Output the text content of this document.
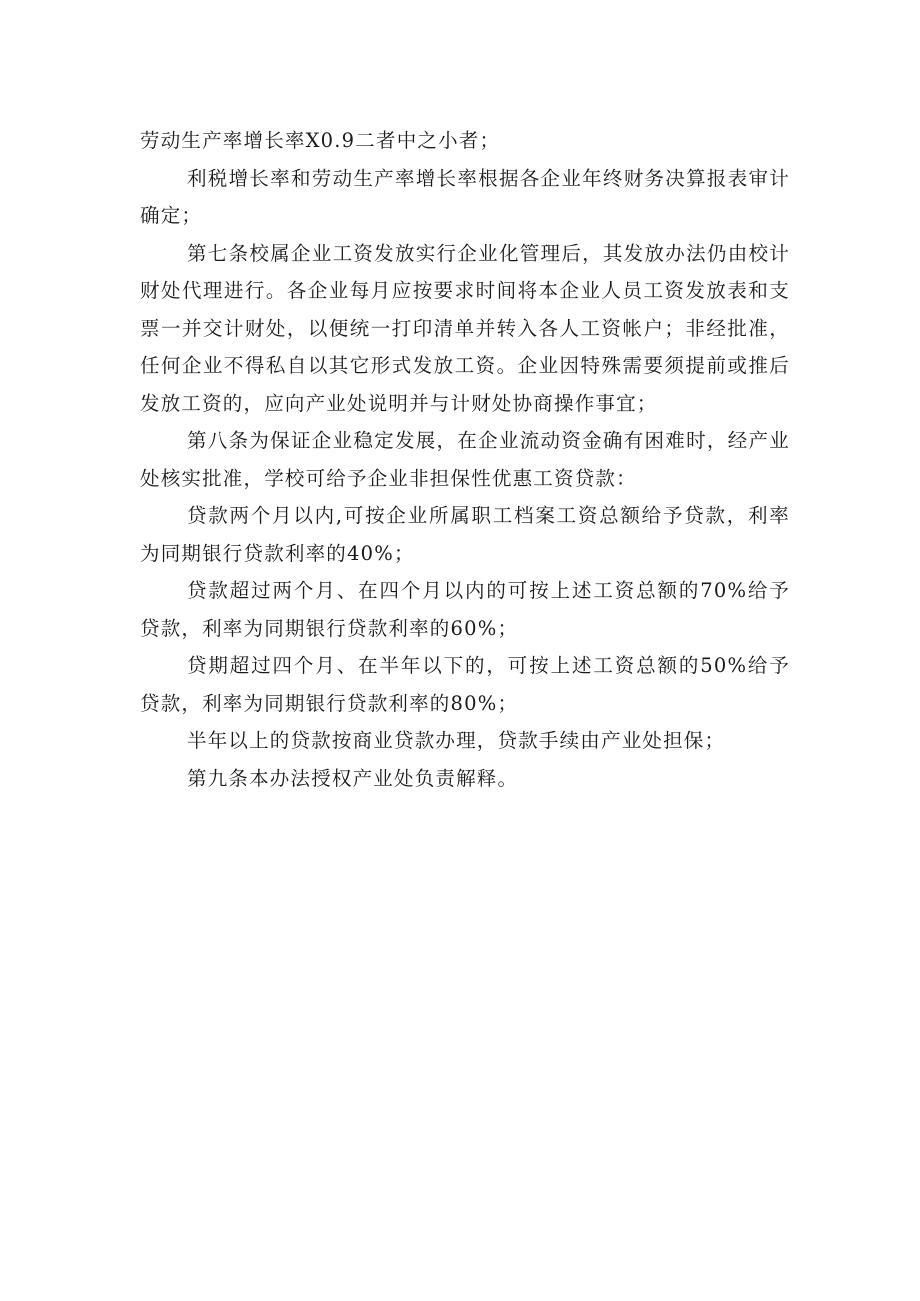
劳动生产率增长率X0.9二者中之小者；

利税增长率和劳动生产率增长率根据各企业年终财务决算报表审计确定；

第七条校属企业工资发放实行企业化管理后，其发放办法仍由校计财处代理进行。各企业每月应按要求时间将本企业人员工资发放表和支票一并交计财处，以便统一打印清单并转入各人工资帐户；非经批准，任何企业不得私自以其它形式发放工资。企业因特殊需要须提前或推后发放工资的，应向产业处说明并与计财处协商操作事宜；

第八条为保证企业稳定发展，在企业流动资金确有困难时，经产业处核实批准，学校可给予企业非担保性优惠工资贷款：

贷款两个月以内,可按企业所属职工档案工资总额给予贷款，利率为同期银行贷款利率的40%；

贷款超过两个月、在四个月以内的可按上述工资总额的70%给予贷款，利率为同期银行贷款利率的60%；

贷期超过四个月、在半年以下的，可按上述工资总额的50%给予贷款，利率为同期银行贷款利率的80%；

半年以上的贷款按商业贷款办理，贷款手续由产业处担保；

第九条本办法授权产业处负责解释。
